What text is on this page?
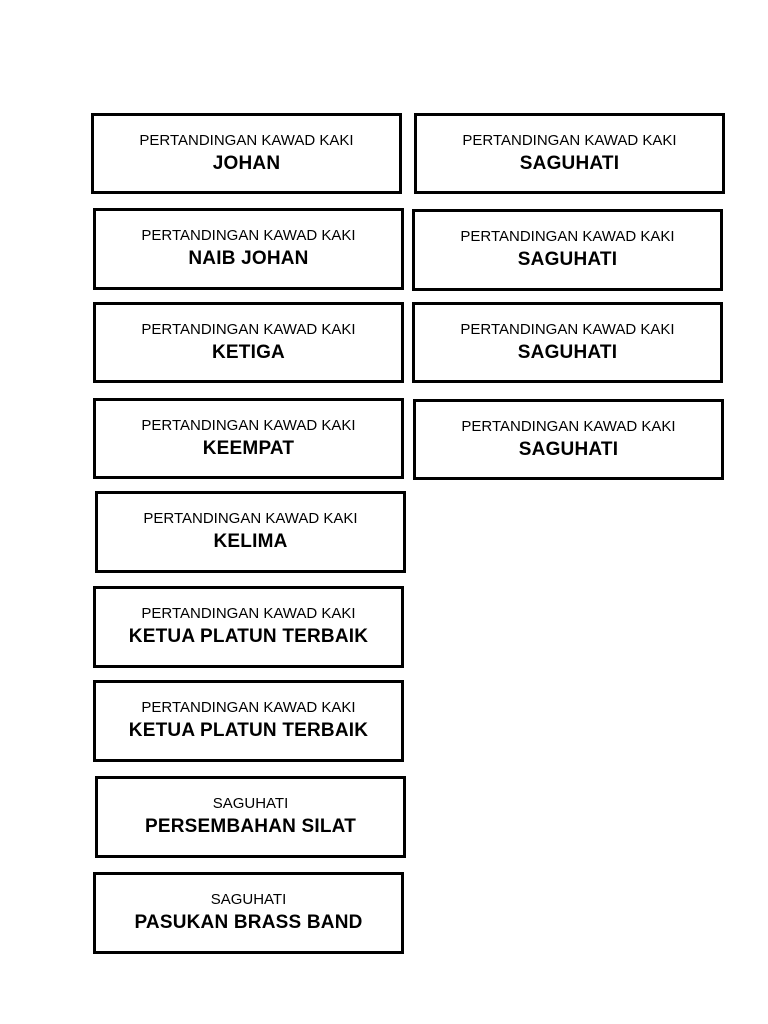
PERTANDINGAN KAWAD KAKI
JOHAN
PERTANDINGAN KAWAD KAKI
NAIB JOHAN
PERTANDINGAN KAWAD KAKI
KETIGA
PERTANDINGAN KAWAD KAKI
KEEMPAT
PERTANDINGAN KAWAD KAKI
KELIMA
PERTANDINGAN KAWAD KAKI
KETUA PLATUN TERBAIK
PERTANDINGAN KAWAD KAKI
KETUA PLATUN TERBAIK
SAGUHATI
PERSEMBAHAN SILAT
SAGUHATI
PASUKAN BRASS BAND
PERTANDINGAN KAWAD KAKI
SAGUHATI
PERTANDINGAN KAWAD KAKI
SAGUHATI
PERTANDINGAN KAWAD KAKI
SAGUHATI
PERTANDINGAN KAWAD KAKI
SAGUHATI
